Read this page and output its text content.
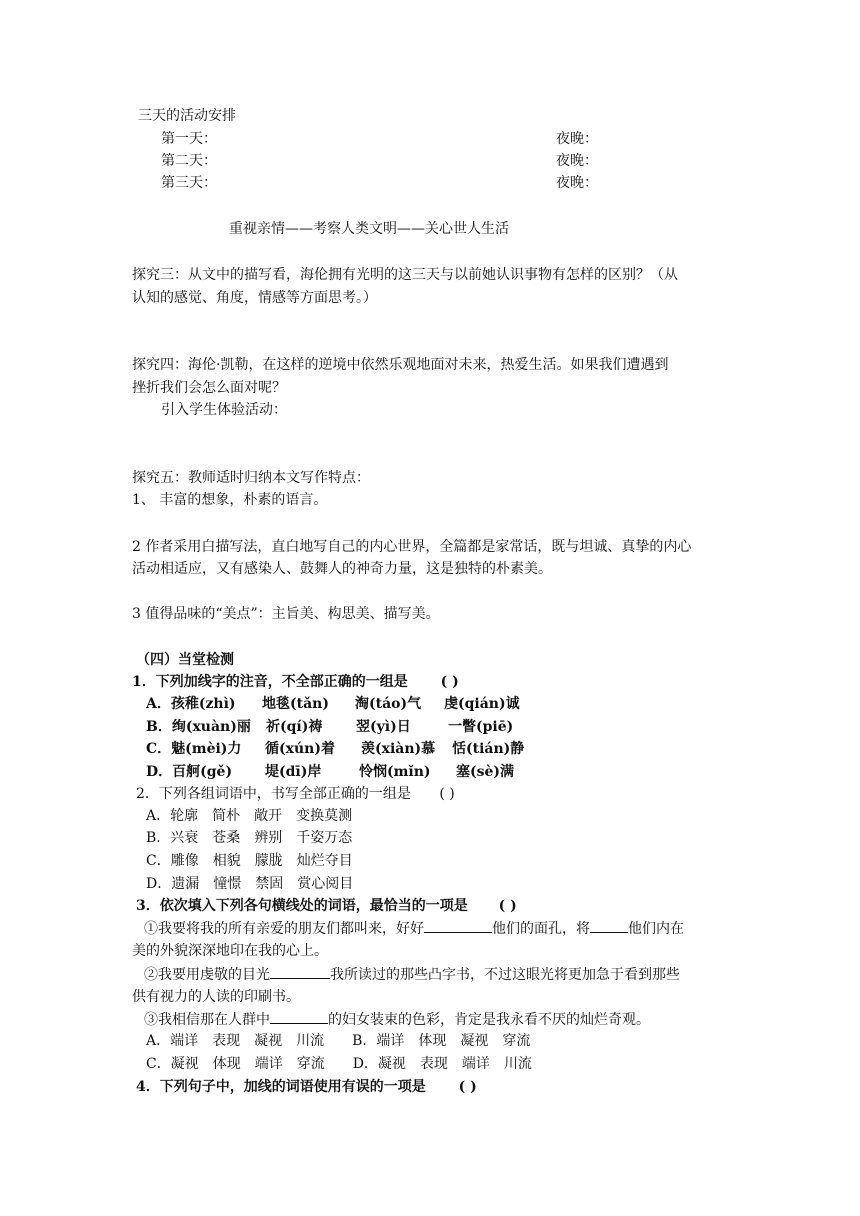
三天的活动安排
第一天：	夜晚：
第二天：	夜晚：
第三天：	夜晚：
重视亲情——考察人类文明——关心世人生活
探究三：从文中的描写看，海伦拥有光明的这三天与以前她认识事物有怎样的区别？（从
认知的感觉、角度，情感等方面思考。）
探究四：海伦·凯勒，在这样的逆境中依然乐观地面对未来，热爱生活。如果我们遭遇到
挫折我们会怎么面对呢？
引入学生体验活动：
探究五：教师适时归纳本文写作特点：
1、 丰富的想象，朴素的语言。
2 作者采用白描写法，直白地写自己的内心世界，全篇都是家常话，既与坦诚、真挚的内心
活动相适应，又有感染人、鼓舞人的神奇力量，这是独特的朴素美。
3 值得品味的“美点”：主旨美、构思美、描写美。
（四）当堂检测
1．下列加线字的注音，不全部正确的一组是 ( )
A．孩稚(zhì) 地毯(tǎn) 淘(táo)气 虔(qián)诚
B．绚(xuàn)丽 祈(qí)祷 翌(yì)日	一瞥(piē)
C．魅(mèi)力 循(xún)着 羡(xiàn)慕 恬(tián)静
D．百舸(gě) 堤(dī)岸	怜悯(mǐn) 塞(sè)满
2．下列各组词语中，书写全部正确的一组是 ( )
A．轮廓　简朴　敞开　变换莫测
B．兴衰　苍桑　辨别　千姿万态
C．雕像　相貌　朦胧　灿烂夺目
D．遗漏　憧憬　禁固　赏心阅目
3．依次填入下列各句横线处的词语，最恰当的一项是 ( )
①我要将我的所有亲爱的朋友们都叫来，好好	他们的面孔，将	他们内在
美的外貌深深地印在我的心上。
②我要用虔敬的目光	我所读过的那些凸字书，不过这眼光将更加急于看到那些
供有视力的人读的印刷书。
③我相信那在人群中	的妇女装束的色彩，肯定是我永看不厌的灿烂奇观。
A．端详　表现　凝视　川流　　B．端详　体现　凝视　穿流
C．凝视　体现　端详　穿流　　D．凝视　表现　端详　川流
4．下列句子中，加线的词语使用有误的一项是 ( )
